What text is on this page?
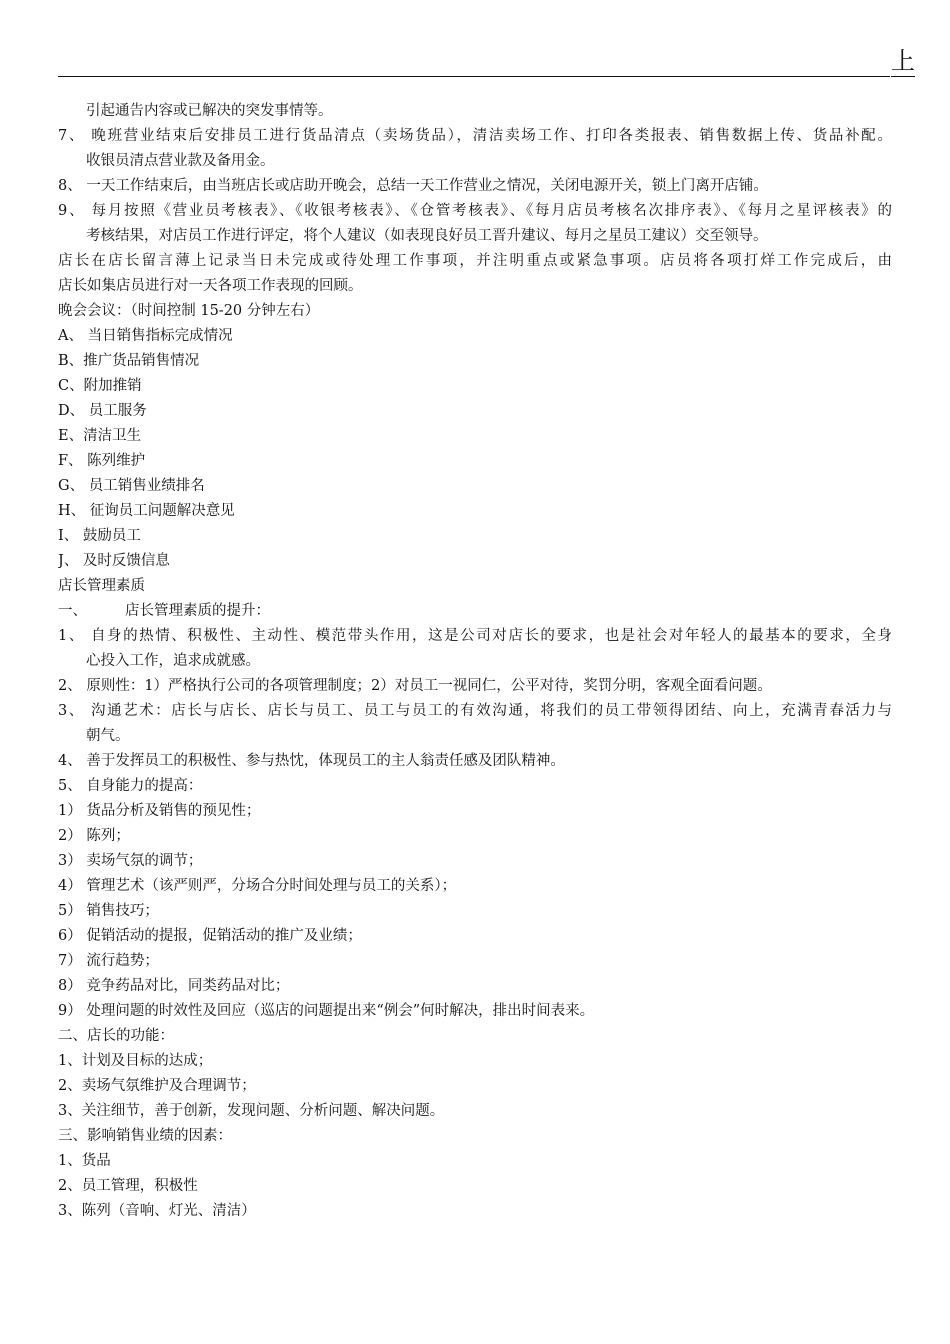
上
引起通告内容或已解决的突发事情等。
7、 晚班营业结束后安排员工进行货品清点（卖场货品），清洁卖场工作、打印各类报表、销售数据上传、货品补配。
收银员清点营业款及备用金。
8、 一天工作结束后，由当班店长或店助开晚会，总结一天工作营业之情况，关闭电源开关，锁上门离开店铺。
9、 每月按照《营业员考核表》、《收银考核表》、《仓管考核表》、《每月店员考核名次排序表》、《每月之星评核表》的
考核结果，对店员工作进行评定，将个人建议（如表现良好员工晋升建议、每月之星员工建议）交至领导。
店长在店长留言薄上记录当日未完成或待处理工作事项，并注明重点或紧急事项。店员将各项打烊工作完成后，由
店长如集店员进行对一天各项工作表现的回顾。
晚会会议：（时间控制 15-20 分钟左右）
A、 当日销售指标完成情况
B、推广货品销售情况
C、附加推销
D、 员工服务
E、清洁卫生
F、 陈列维护
G、 员工销售业绩排名
H、 征询员工问题解决意见
I、 鼓励员工
J、 及时反馈信息
店长管理素质
一、	店长管理素质的提升：
1、 自身的热情、积极性、主动性、模范带头作用，这是公司对店长的要求，也是社会对年轻人的最基本的要求，全身
心投入工作，追求成就感。
2、 原则性：1）严格执行公司的各项管理制度；2）对员工一视同仁，公平对待，奖罚分明，客观全面看问题。
3、 沟通艺术：店长与店长、店长与员工、员工与员工的有效沟通，将我们的员工带领得团结、向上，充满青春活力与
朝气。
4、 善于发挥员工的积极性、参与热忱，体现员工的主人翁责任感及团队精神。
5、 自身能力的提高：
1） 货品分析及销售的预见性；
2） 陈列；
3） 卖场气氛的调节；
4） 管理艺术（该严则严，分场合分时间处理与员工的关系）；
5） 销售技巧；
6） 促销活动的提报，促销活动的推广及业绩；
7） 流行趋势；
8） 竞争药品对比，同类药品对比；
9） 处理问题的时效性及回应（巡店的问题提出来“例会”何时解决，排出时间表来。
二、店长的功能：
1、计划及目标的达成；
2、卖场气氛维护及合理调节；
3、关注细节，善于创新，发现问题、分析问题、解决问题。
三、影响销售业绩的因素：
1、货品
2、员工管理，积极性
3、陈列（音响、灯光、清洁）
